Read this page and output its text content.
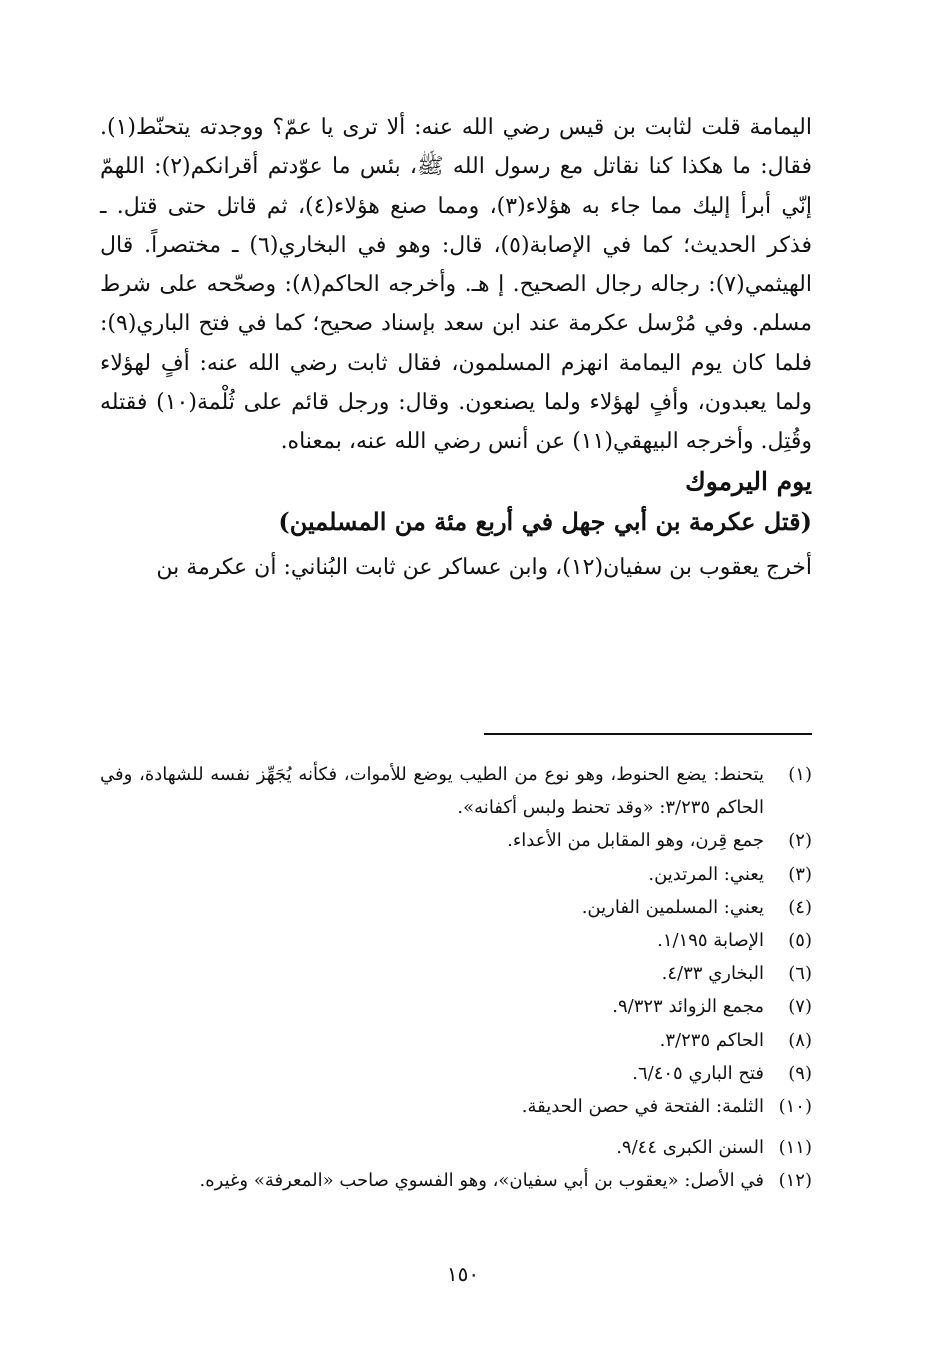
اليمامة قلت لثابت بن قيس رضي الله عنه: ألا ترى يا عمّ؟ ووجدته يتحنّط(١). فقال: ما هكذا كنا نقاتل مع رسول الله ﷺ، بئس ما عوّدتم أقرانكم(٢): اللهمّ إنّي أبرأ إليك مما جاء به هؤلاء(٣)، ومما صنع هؤلاء(٤)، ثم قاتل حتى قتل. ـ فذكر الحديث؛ كما في الإصابة(٥)، قال: وهو في البخاري(٦) ـ مختصراً. قال الهيثمي(٧): رجاله رجال الصحيح. إ هـ. وأخرجه الحاكم(٨): وصحّحه على شرط مسلم. وفي مُرْسل عكرمة عند ابن سعد بإسناد صحيح؛ كما في فتح الباري(٩): فلما كان يوم اليمامة انهزم المسلمون، فقال ثابت رضي الله عنه: أفٍ لهؤلاء ولما يعبدون، وأفٍ لهؤلاء ولما يصنعون. وقال: ورجل قائم على ثُلْمة(١٠) فقتله وقُتِل. وأخرجه البيهقي(١١) عن أنس رضي الله عنه، بمعناه.

يوم اليرموك

(قتل عكرمة بن أبي جهل في أربع مئة من المسلمين)

أخرج يعقوب بن سفيان(١٢)، وابن عساكر عن ثابت البُناني: أن عكرمة بن

(١)
يتحنط: يضع الحنوط، وهو نوع من الطيب يوضع للأموات، فكأنه يُجَهِّز نفسه للشهادة، وفي الحاكم ٣/٢٣٥: «وقد تحنط ولبس أكفانه».
(٢)
جمع قِرن، وهو المقابل من الأعداء.
(٣)
يعني: المرتدين.
(٤)
يعني: المسلمين الفارين.
(٥)
الإصابة ١/١٩٥.
(٦)
البخاري ٤/٣٣.
(٧)
مجمع الزوائد ٩/٣٢٣.
(٨)
الحاكم ٣/٢٣٥.
(٩)
فتح الباري ٦/٤٠٥.
(١٠)
الثلمة: الفتحة في حصن الحديقة.
(١١)
السنن الكبرى ٩/٤٤.
(١٢)
في الأصل: «يعقوب بن أبي سفيان»، وهو الفسوي صاحب «المعرفة» وغيره.
١٥٠
